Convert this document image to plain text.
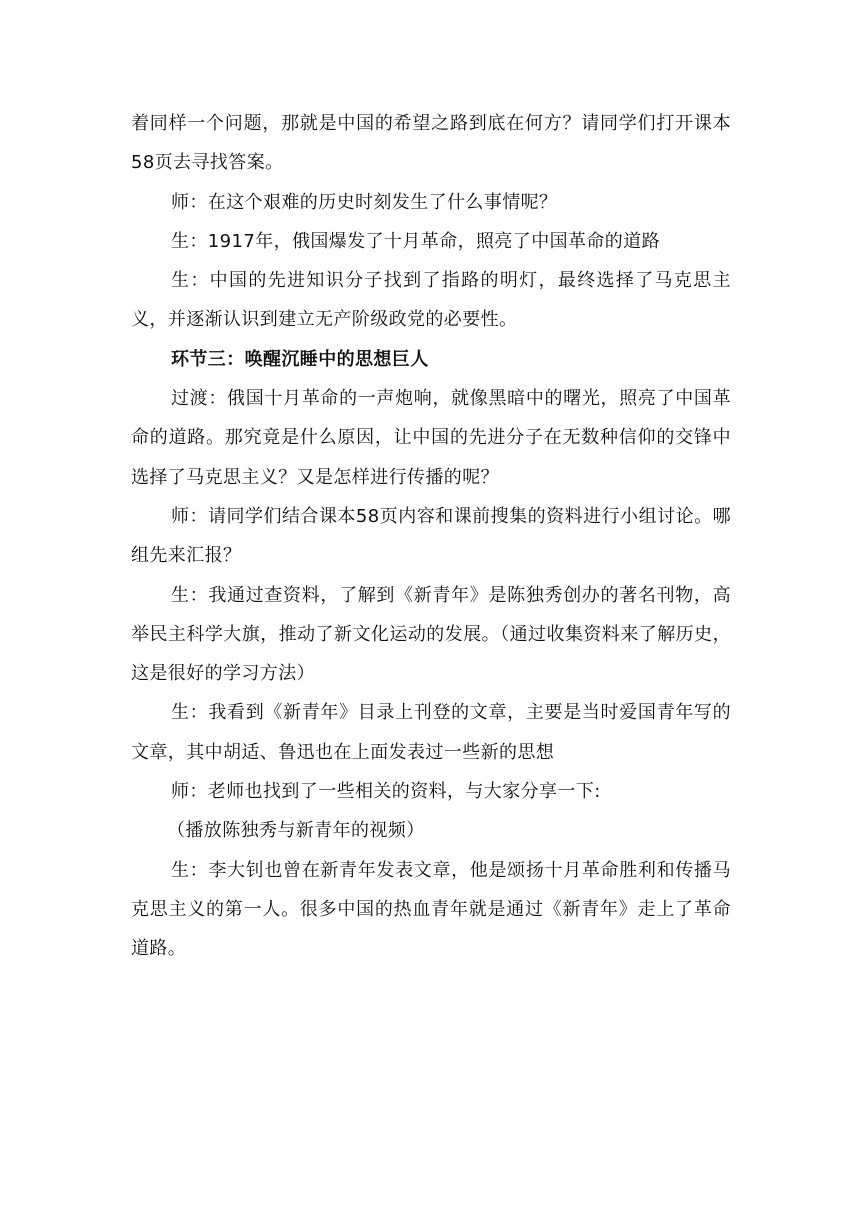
着同样一个问题，那就是中国的希望之路到底在何方？请同学们打开课本58页去寻找答案。

师：在这个艰难的历史时刻发生了什么事情呢？

生：1917年，俄国爆发了十月革命，照亮了中国革命的道路

生：中国的先进知识分子找到了指路的明灯，最终选择了马克思主义，并逐渐认识到建立无产阶级政党的必要性。

环节三：唤醒沉睡中的思想巨人

过渡：俄国十月革命的一声炮响，就像黑暗中的曙光，照亮了中国革命的道路。那究竟是什么原因，让中国的先进分子在无数种信仰的交锋中选择了马克思主义？又是怎样进行传播的呢？

师：请同学们结合课本58页内容和课前搜集的资料进行小组讨论。哪组先来汇报？

生：我通过查资料，了解到《新青年》是陈独秀创办的著名刊物，高举民主科学大旗，推动了新文化运动的发展。（通过收集资料来了解历史，这是很好的学习方法）

生：我看到《新青年》目录上刊登的文章，主要是当时爱国青年写的文章，其中胡适、鲁迅也在上面发表过一些新的思想

师：老师也找到了一些相关的资料，与大家分享一下:

（播放陈独秀与新青年的视频）

生：李大钊也曾在新青年发表文章，他是颂扬十月革命胜利和传播马克思主义的第一人。很多中国的热血青年就是通过《新青年》走上了革命道路。
